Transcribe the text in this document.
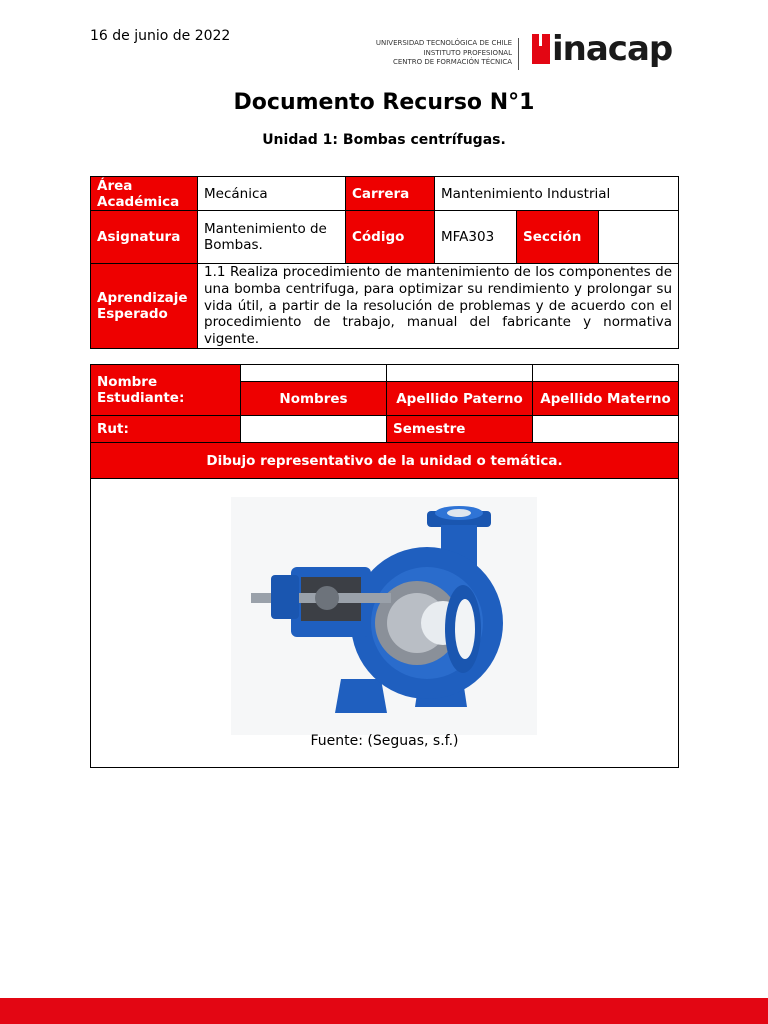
16 de junio de 2022	UNIVERSIDAD TECNOLÓGICA DE CHILE
INSTITUTO PROFESIONAL
CENTRO DE FORMACIÓN TÉCNICA inacap
Documento Recurso N°1
Unidad 1: Bombas centrífugas.
Área Académica	Mecánica	Carrera	Mantenimiento Industrial		
Asignatura	Mantenimiento de Bombas.	Código	MFA303	Sección	
Aprendizaje Esperado	1.1 Realiza procedimiento de mantenimiento de los componentes de una bomba centrifuga, para optimizar su rendimiento y prolongar su vida útil, a partir de la resolución de problemas y de acuerdo con el procedimiento de trabajo, manual del fabricante y normativa vigente.				
Nombre Estudiante:			
	Nombres	Apellido Paterno	Apellido Materno
Rut:		Semestre	
Dibujo representativo de la unidad o temática.			

Fuente: (Seguas, s.f.)			
